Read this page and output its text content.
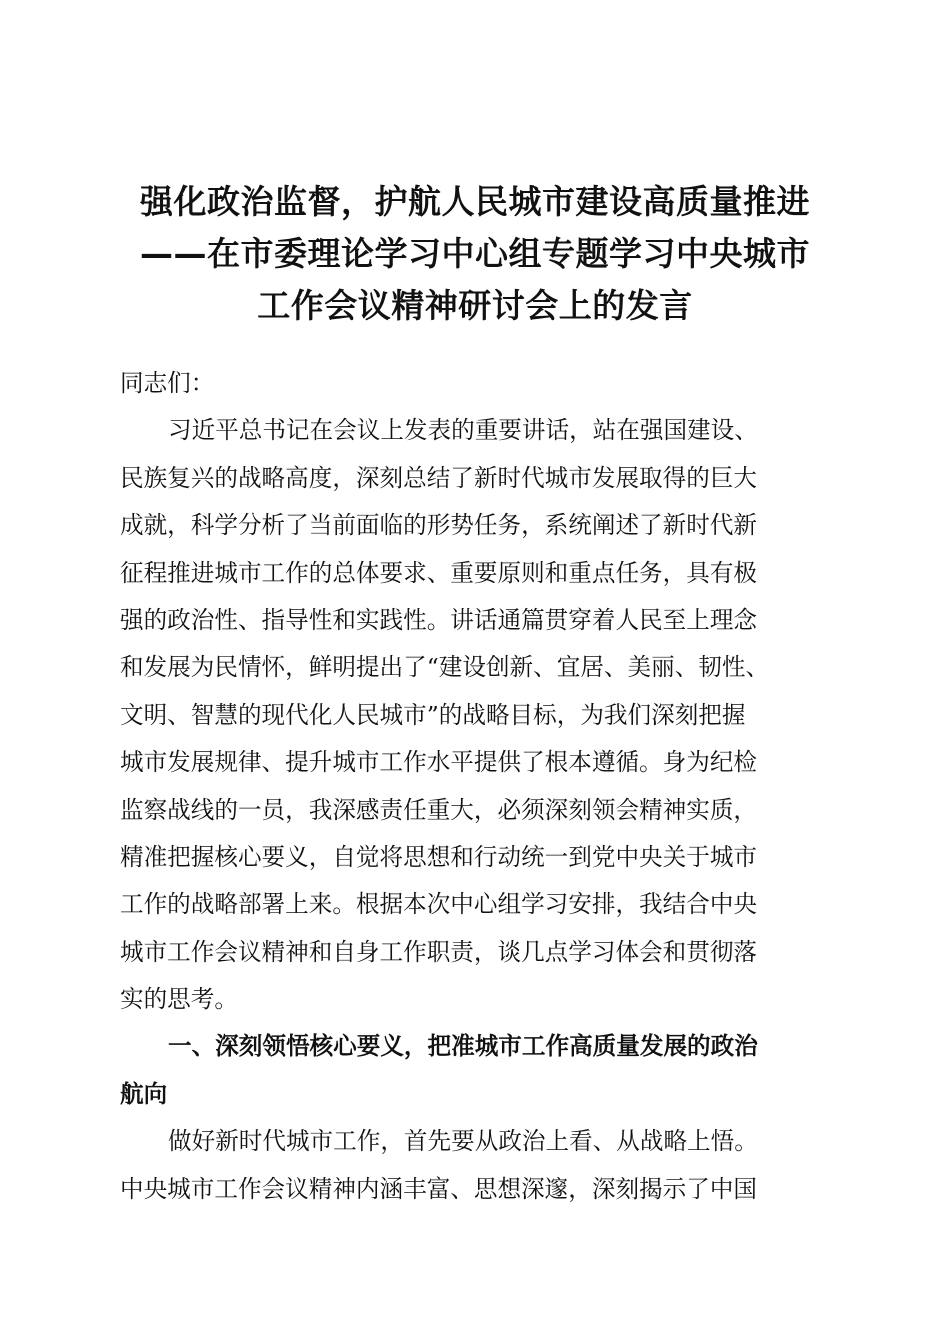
强化政治监督，护航人民城市建设高质量推进
——在市委理论学习中心组专题学习中央城市
工作会议精神研讨会上的发言
同志们：
习近平总书记在会议上发表的重要讲话，站在强国建设、
民族复兴的战略高度，深刻总结了新时代城市发展取得的巨大
成就，科学分析了当前面临的形势任务，系统阐述了新时代新
征程推进城市工作的总体要求、重要原则和重点任务，具有极
强的政治性、指导性和实践性。讲话通篇贯穿着人民至上理念
和发展为民情怀，鲜明提出了“建设创新、宜居、美丽、韧性、
文明、智慧的现代化人民城市”的战略目标，为我们深刻把握
城市发展规律、提升城市工作水平提供了根本遵循。身为纪检
监察战线的一员，我深感责任重大，必须深刻领会精神实质，
精准把握核心要义，自觉将思想和行动统一到党中央关于城市
工作的战略部署上来。根据本次中心组学习安排，我结合中央
城市工作会议精神和自身工作职责，谈几点学习体会和贯彻落
实的思考。
一、深刻领悟核心要义，把准城市工作高质量发展的政治
航向
做好新时代城市工作，首先要从政治上看、从战略上悟。
中央城市工作会议精神内涵丰富、思想深邃，深刻揭示了中国
